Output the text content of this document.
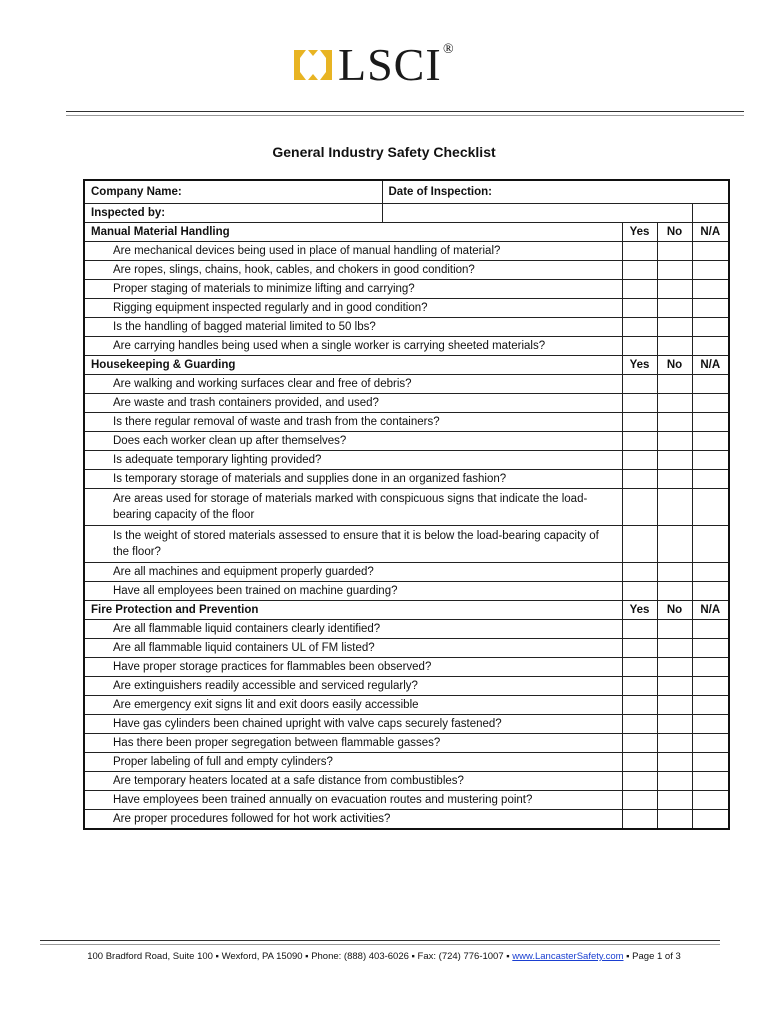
LSCI ®
General Industry Safety Checklist
Company Name:	Date of Inspection:			
Inspected by:				
Manual Material Handling		Yes	No	N/A
Are mechanical devices being used in place of manual handling of material?				
Are ropes, slings, chains, hook, cables, and chokers in good condition?				
Proper staging of materials to minimize lifting and carrying?				
Rigging equipment inspected regularly and in good condition?				
Is the handling of bagged material limited to 50 lbs?				
Are carrying handles being used when a single worker is carrying sheeted materials?				
Housekeeping & Guarding		Yes	No	N/A
Are walking and working surfaces clear and free of debris?				
Are waste and trash containers provided, and used?				
Is there regular removal of waste and trash from the containers?				
Does each worker clean up after themselves?				
Is adequate temporary lighting provided?				
Is temporary storage of materials and supplies done in an organized fashion?				
Are areas used for storage of materials marked with conspicuous signs that indicate the load-bearing capacity of the floor				
Is the weight of stored materials assessed to ensure that it is below the load-bearing capacity of the floor?				
Are all machines and equipment properly guarded?				
Have all employees been trained on machine guarding?				
Fire Protection and Prevention		Yes	No	N/A
Are all flammable liquid containers clearly identified?				
Are all flammable liquid containers UL of FM listed?				
Have proper storage practices for flammables been observed?				
Are extinguishers readily accessible and serviced regularly?				
Are emergency exit signs lit and exit doors easily accessible				
Have gas cylinders been chained upright with valve caps securely fastened?				
Has there been proper segregation between flammable gasses?				
Proper labeling of full and empty cylinders?				
Are temporary heaters located at a safe distance from combustibles?				
Have employees been trained annually on evacuation routes and mustering point?				
Are proper procedures followed for hot work activities?				
100 Bradford Road, Suite 100 ▪ Wexford, PA 15090 ▪ Phone: (888) 403-6026 ▪ Fax: (724) 776-1007 ▪ www.LancasterSafety.com ▪ Page 1 of 3
